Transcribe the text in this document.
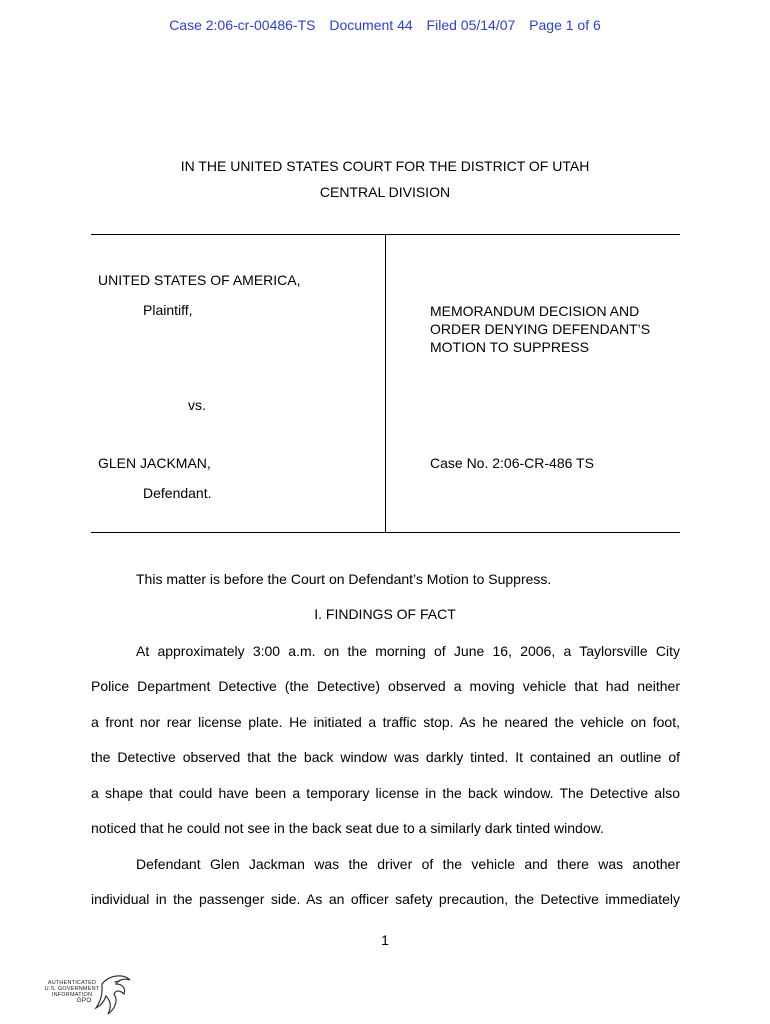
Case 2:06-cr-00486-TS Document 44 Filed 05/14/07 Page 1 of 6
IN THE UNITED STATES COURT FOR THE DISTRICT OF UTAH
CENTRAL DIVISION
UNITED STATES OF AMERICA,
Plaintiff,
vs.
GLEN JACKMAN,
Defendant.
MEMORANDUM DECISION AND
ORDER DENYING DEFENDANT’S
MOTION TO SUPPRESS
Case No. 2:06-CR-486 TS
This matter is before the Court on Defendant’s Motion to Suppress.
I. FINDINGS OF FACT
At approximately 3:00 a.m. on the morning of June 16, 2006, a Taylorsville City
Police Department Detective (the Detective) observed a moving vehicle that had neither
a front nor rear license plate. He initiated a traffic stop. As he neared the vehicle on foot,
the Detective observed that the back window was darkly tinted. It contained an outline of
a shape that could have been a temporary license in the back window. The Detective also
noticed that he could not see in the back seat due to a similarly dark tinted window.
Defendant Glen Jackman was the driver of the vehicle and there was another
individual in the passenger side. As an officer safety precaution, the Detective immediately
1
AUTHENTICATED
U.S. GOVERNMENT
INFORMATION
GPO
